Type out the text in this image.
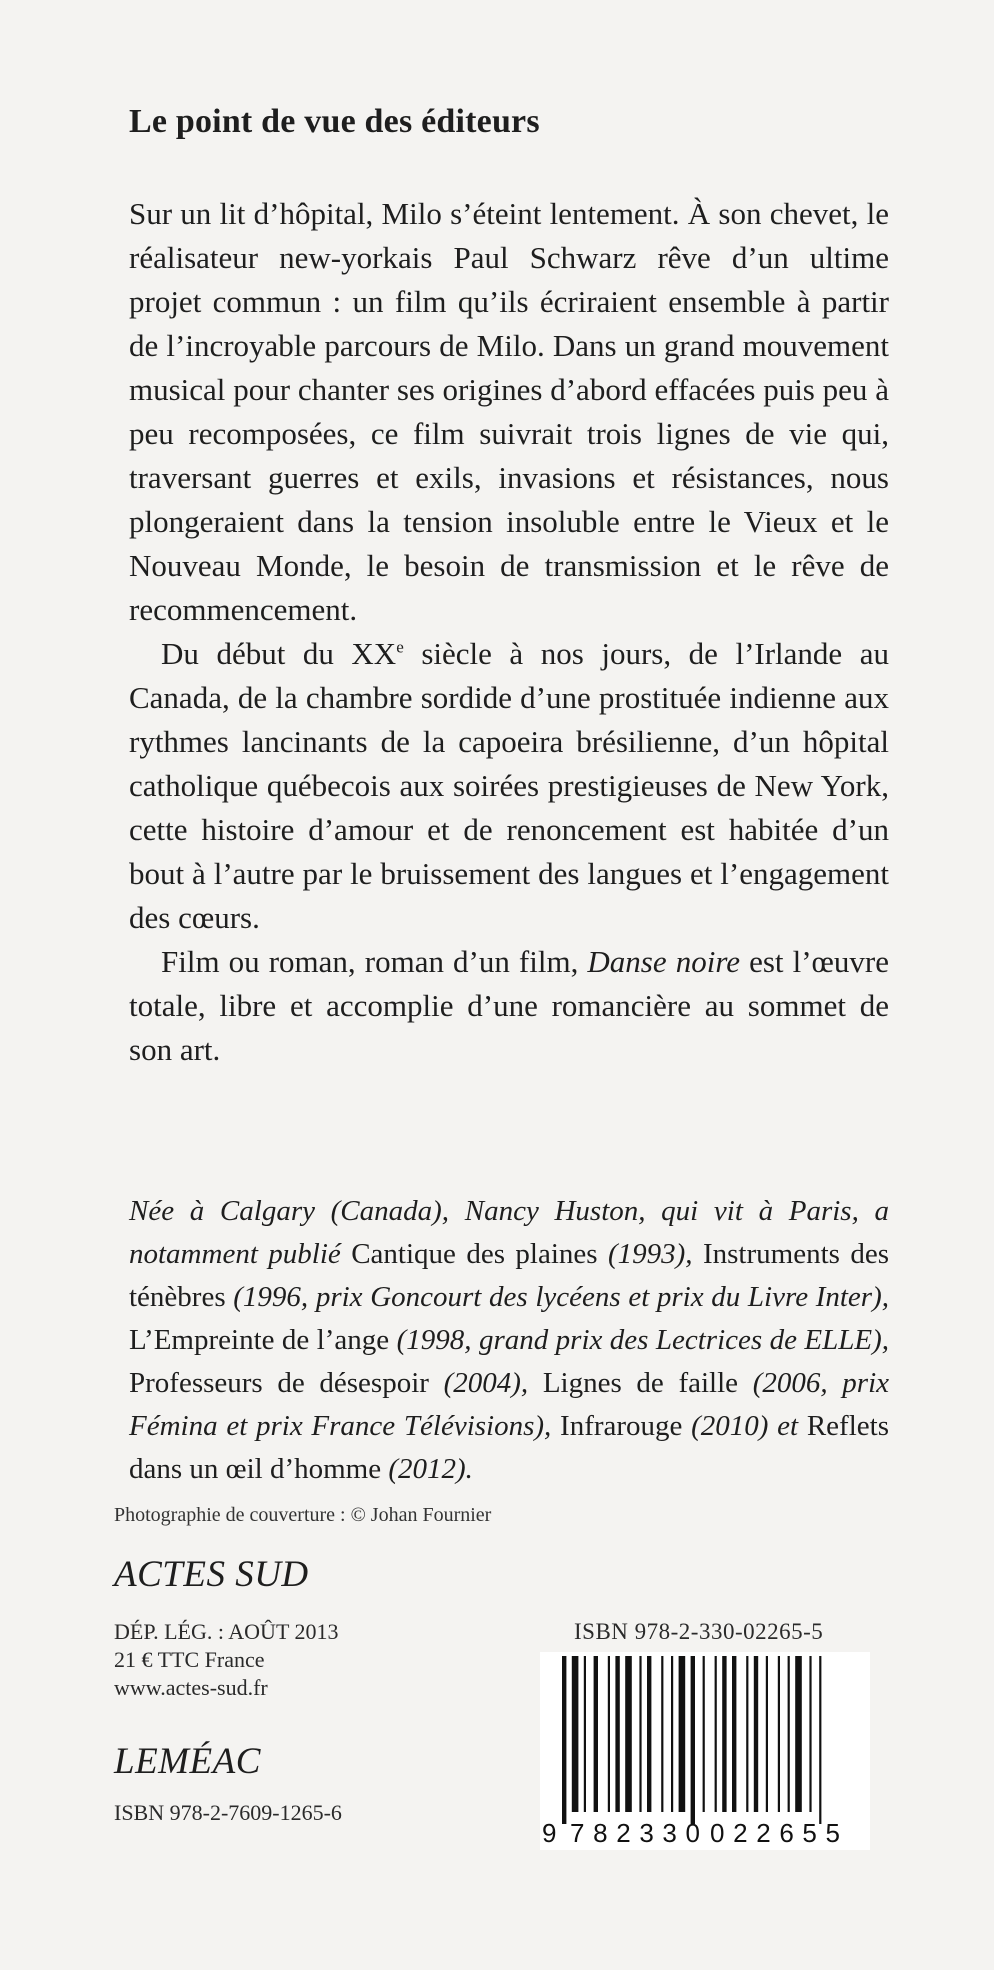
Le point de vue des éditeurs

Sur un lit d’hôpital, Milo s’éteint lentement. À son chevet, le réalisateur new-yorkais Paul Schwarz rêve d’un ultime projet commun : un film qu’ils écriraient ensemble à partir de l’incroyable parcours de Milo. Dans un grand mouvement musical pour chanter ses origines d’abord effacées puis peu à peu recomposées, ce film suivrait trois lignes de vie qui, traversant guerres et exils, invasions et résistances, nous plongeraient dans la tension insoluble entre le Vieux et le Nouveau Monde, le besoin de transmission et le rêve de recommencement.

Du début du XXe siècle à nos jours, de l’Irlande au Canada, de la chambre sordide d’une prostituée indienne aux rythmes lancinants de la capoeira brésilienne, d’un hôpital catholique québecois aux soirées prestigieuses de New York, cette histoire d’amour et de renoncement est habitée d’un bout à l’autre par le bruissement des langues et l’engagement des cœurs.

Film ou roman, roman d’un film, Danse noire est l’œuvre totale, libre et accomplie d’une romancière au sommet de son art.

Née à Calgary (Canada), Nancy Huston, qui vit à Paris, a notamment publié Cantique des plaines (1993), Instruments des ténèbres (1996, prix Goncourt des lycéens et prix du Livre Inter), L’Empreinte de l’ange (1998, grand prix des Lectrices de ELLE), Professeurs de désespoir (2004), Lignes de faille (2006, prix Fémina et prix France Télévisions), Infrarouge (2010) et Reflets dans un œil d’homme (2012).
Photographie de couverture : © Johan Fournier
ACTES SUD
DÉP. LÉG. : AOÛT 2013
21 € TTC France
www.actes-sud.fr
LEMÉAC
ISBN 978-2-7609-1265-6
ISBN 978-2-330-02265-5
9 782330 022655
